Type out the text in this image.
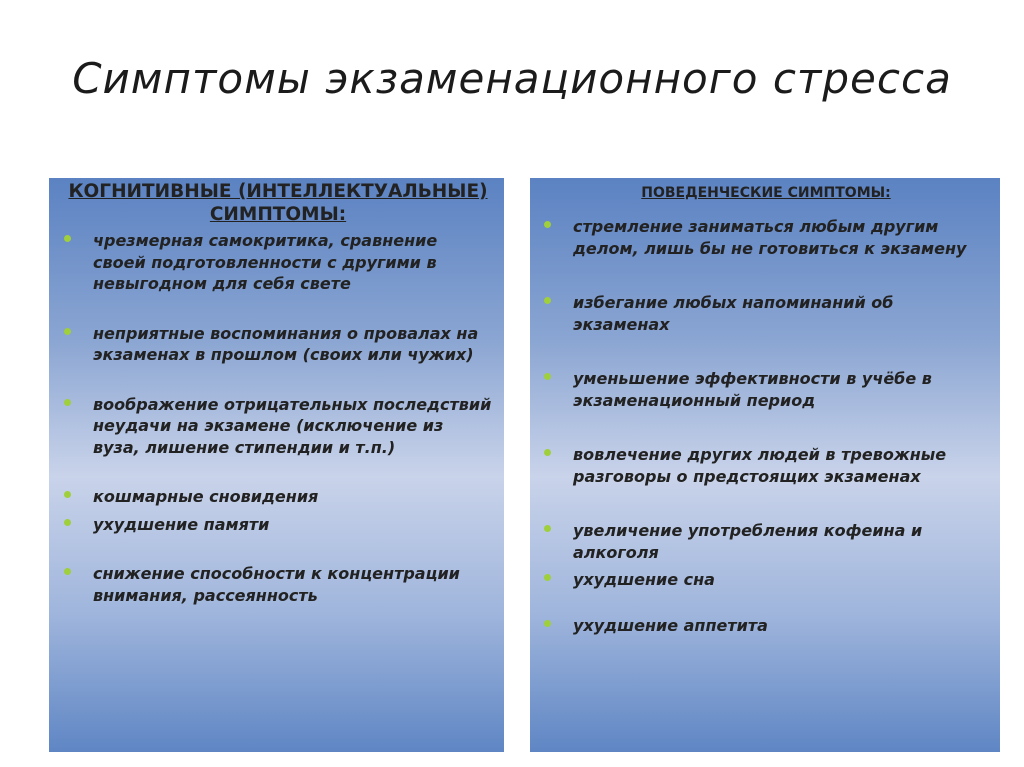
Симптомы экзаменационного стресса
КОГНИТИВНЫЕ (ИНТЕЛЛЕКТУАЛЬНЫЕ) СИМПТОМЫ:
чрезмерная самокритика, сравнение своей подготовленности с другими в невыгодном для себя свете
неприятные воспоминания о провалах на экзаменах в прошлом (своих или чужих)
воображение отрицательных последствий неудачи на экзамене (исключение из вуза, лишение стипендии и т.п.)
кошмарные сновидения
ухудшение памяти
снижение способности к концентрации внимания, рассеянность
ПОВЕДЕНЧЕСКИЕ СИМПТОМЫ:
стремление заниматься любым другим делом, лишь бы не готовиться к экзамену
избегание любых напоминаний об экзаменах
уменьшение эффективности в учёбе в экзаменационный период
вовлечение других людей в тревожные разговоры о предстоящих экзаменах
увеличение употребления кофеина и алкоголя
ухудшение сна
ухудшение аппетита
